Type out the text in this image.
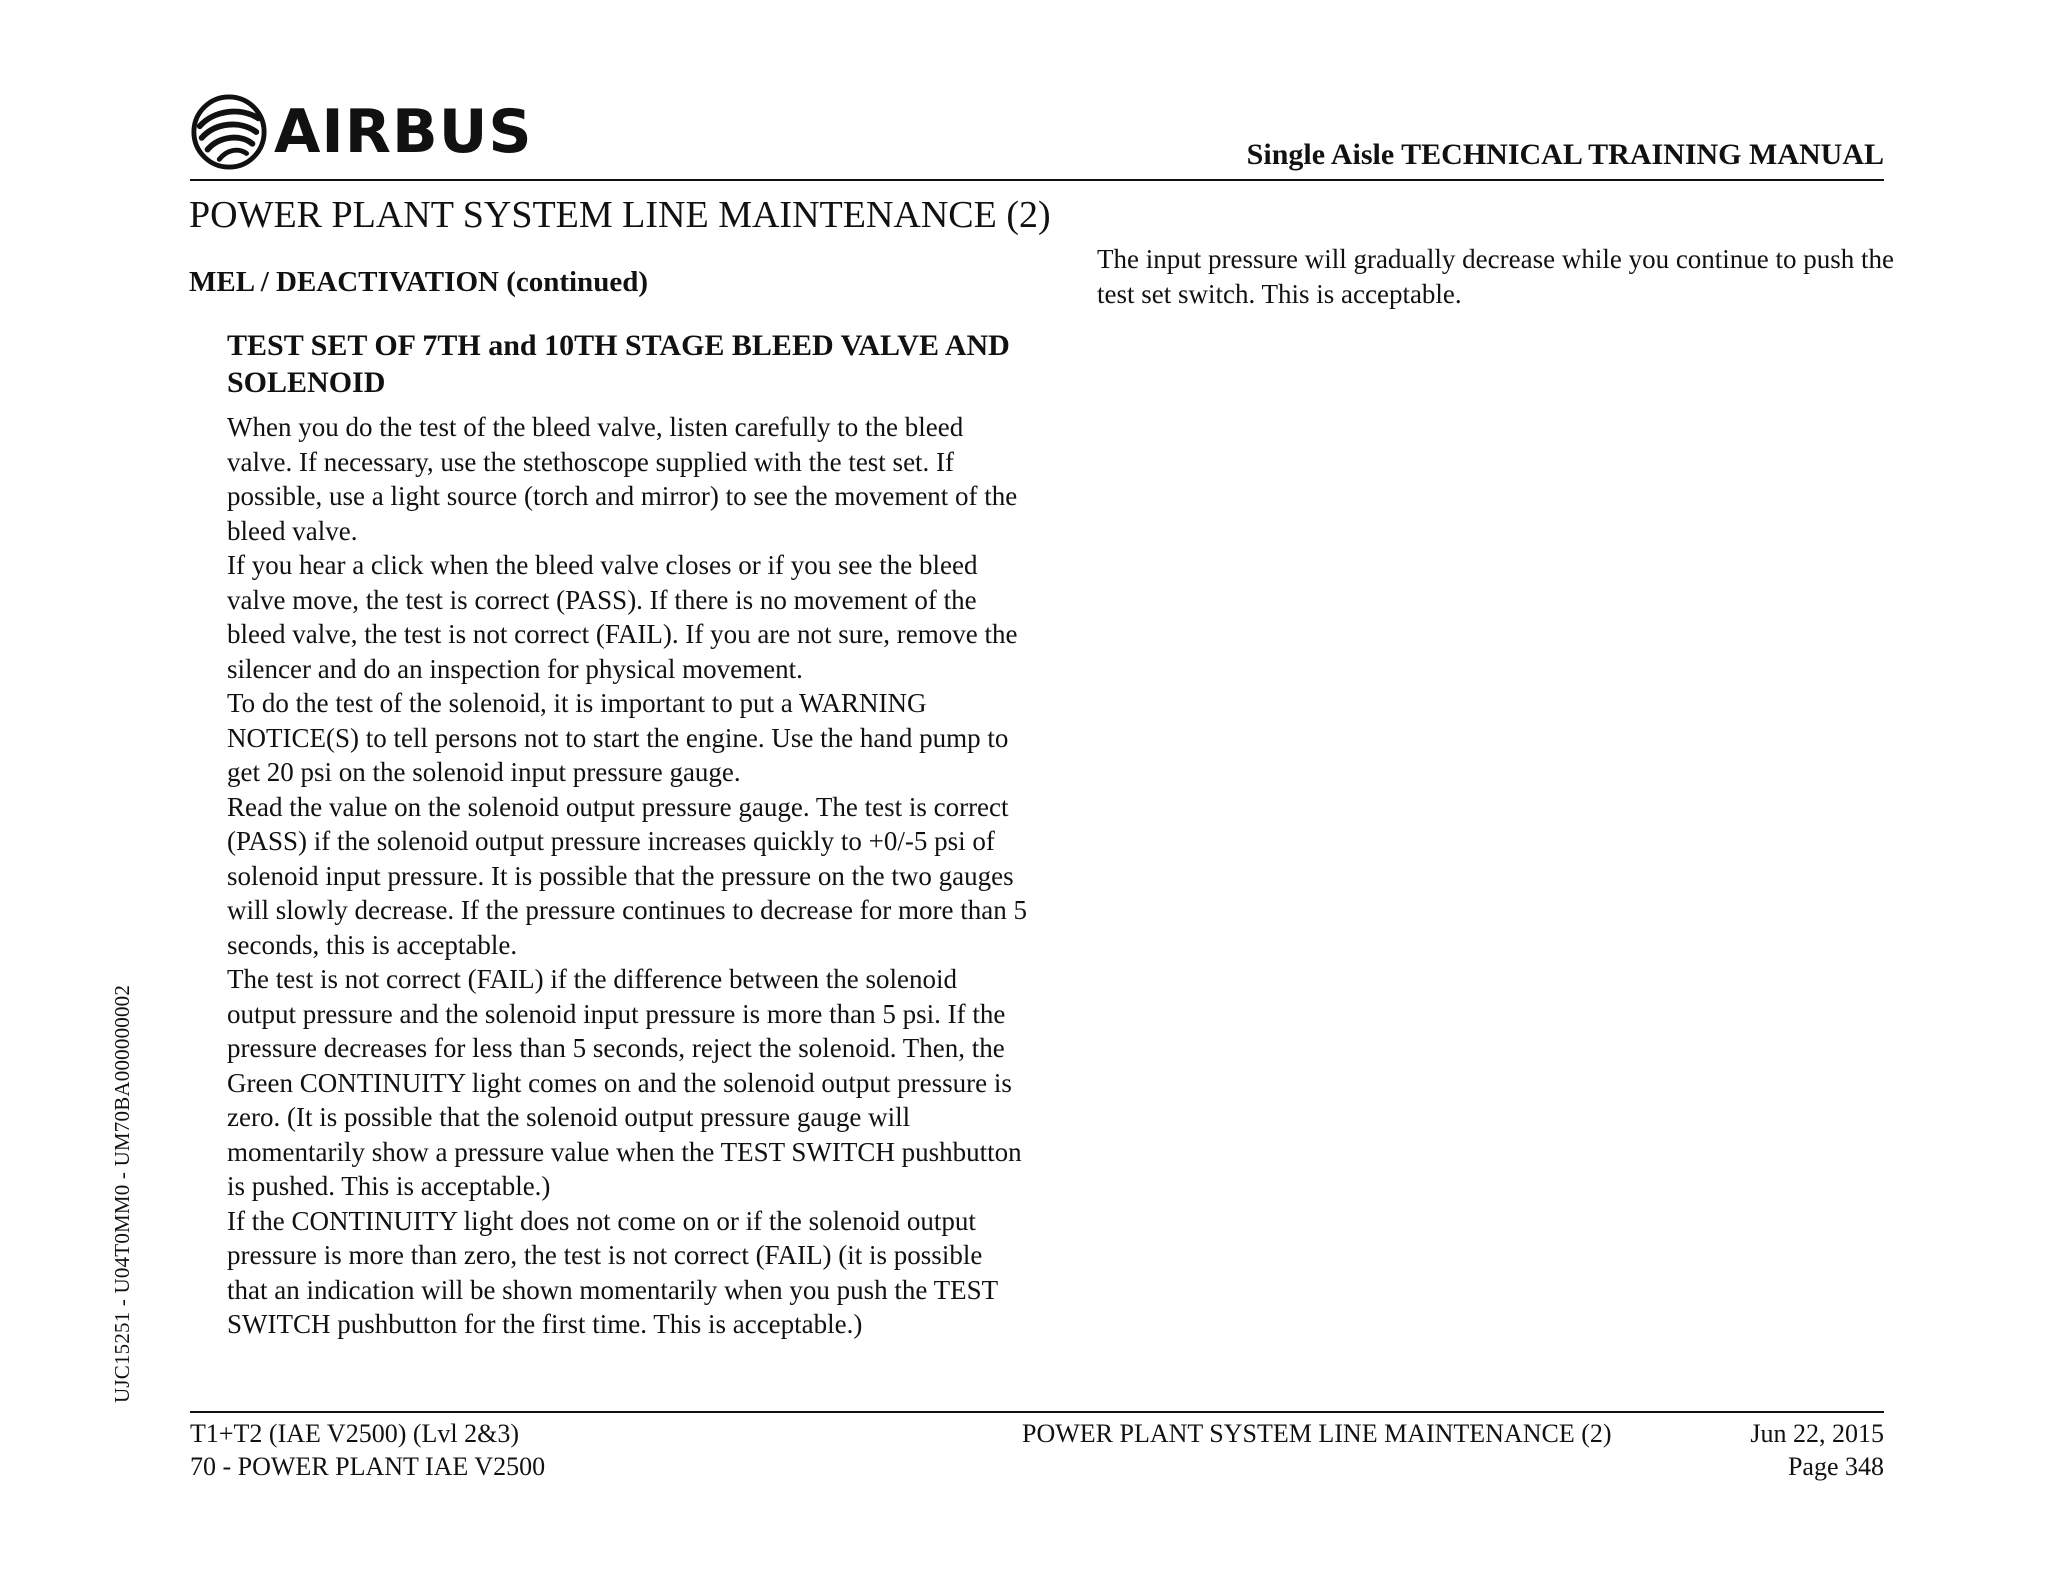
AIRBUS	Single Aisle TECHNICAL TRAINING MANUAL
POWER PLANT SYSTEM LINE MAINTENANCE (2)
MEL / DEACTIVATION (continued)
TEST SET OF 7TH and 10TH STAGE BLEED VALVE AND SOLENOID

When you do the test of the bleed valve, listen carefully to the bleed valve. If necessary, use the stethoscope supplied with the test set. If possible, use a light source (torch and mirror) to see the movement of the bleed valve.

If you hear a click when the bleed valve closes or if you see the bleed valve move, the test is correct (PASS). If there is no movement of the bleed valve, the test is not correct (FAIL). If you are not sure, remove the silencer and do an inspection for physical movement.

To do the test of the solenoid, it is important to put a WARNING NOTICE(S) to tell persons not to start the engine. Use the hand pump to get 20 psi on the solenoid input pressure gauge.

Read the value on the solenoid output pressure gauge. The test is correct (PASS) if the solenoid output pressure increases quickly to +0/-5 psi of solenoid input pressure. It is possible that the pressure on the two gauges will slowly decrease. If the pressure continues to decrease for more than 5 seconds, this is acceptable.

The test is not correct (FAIL) if the difference between the solenoid output pressure and the solenoid input pressure is more than 5 psi. If the pressure decreases for less than 5 seconds, reject the solenoid. Then, the Green CONTINUITY light comes on and the solenoid output pressure is zero. (It is possible that the solenoid output pressure gauge will momentarily show a pressure value when the TEST SWITCH pushbutton is pushed. This is acceptable.)

If the CONTINUITY light does not come on or if the solenoid output pressure is more than zero, the test is not correct (FAIL) (it is possible that an indication will be shown momentarily when you push the TEST SWITCH pushbutton for the first time. This is acceptable.)

The input pressure will gradually decrease while you continue to push the test set switch. This is acceptable.

UJC15251 - U04T0MM0 - UM70BA000000002
T1+T2 (IAE V2500) (Lvl 2&3)
70 - POWER PLANT IAE V2500
POWER PLANT SYSTEM LINE MAINTENANCE (2)	Jun 22, 2015
Page 348
